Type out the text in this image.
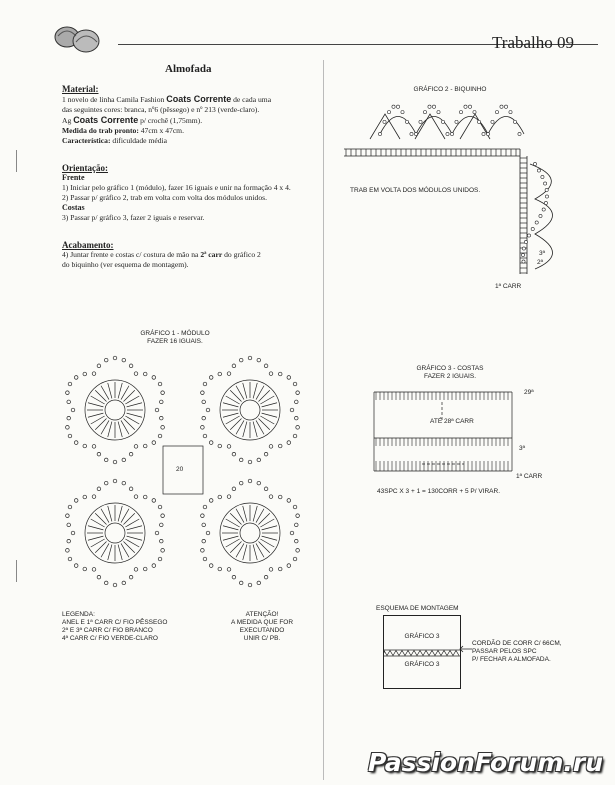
Trabalho 09
Almofada
Material:
1 novelo de linha Camila Fashion Coats Corrente de cada uma
das seguintes cores: branca, nº6 (pêssego) e nº 213 (verde-claro).
Ag Coats Corrente p/ crochê (1,75mm).
Medida do trab pronto: 47cm x 47cm.
Característica: dificuldade média
Orientação:
Frente
1) Iniciar pelo gráfico 1 (módulo), fazer 16 iguais e unir na formação 4 x 4.
2) Passar p/ gráfico 2, trab em volta com volta dos módulos unidos.
Costas
3) Passar p/ gráfico 3, fazer 2 iguais e reservar.
Acabamento:
4) Juntar frente e costas c/ costura de mão na 2ª carr do gráfico 2
do biquinho (ver esquema de montagem).
GRÁFICO 2 - BIQUINHO
TRAB EM VOLTA DOS MÓDULOS UNIDOS.
3ª
2ª
1ª CARR
GRÁFICO 1 - MÓDULO
FAZER 16 IGUAIS.
20
LEGENDA:
ANEL E 1ª CARR C/ FIO PÊSSEGO
2ª E 3ª CARR C/ FIO BRANCO
4ª CARR C/ FIO VERDE-CLARO
ATENÇÃO!
A MEDIDA QUE FOR
EXECUTANDO
UNIR C/ PB.
GRÁFICO 3 - COSTAS
FAZER 2 IGUAIS.
29ª
ATÉ 28ª CARR
3ª
1ª CARR
43SPC X 3 + 1 = 130CORR + 5 P/ VIRAR.
ESQUEMA DE MONTAGEM
GRÁFICO 3
GRÁFICO 3
CORDÃO DE CORR C/ 66CM,
PASSAR PELOS SPC
P/ FECHAR A ALMOFADA.
PassionForum.ru
